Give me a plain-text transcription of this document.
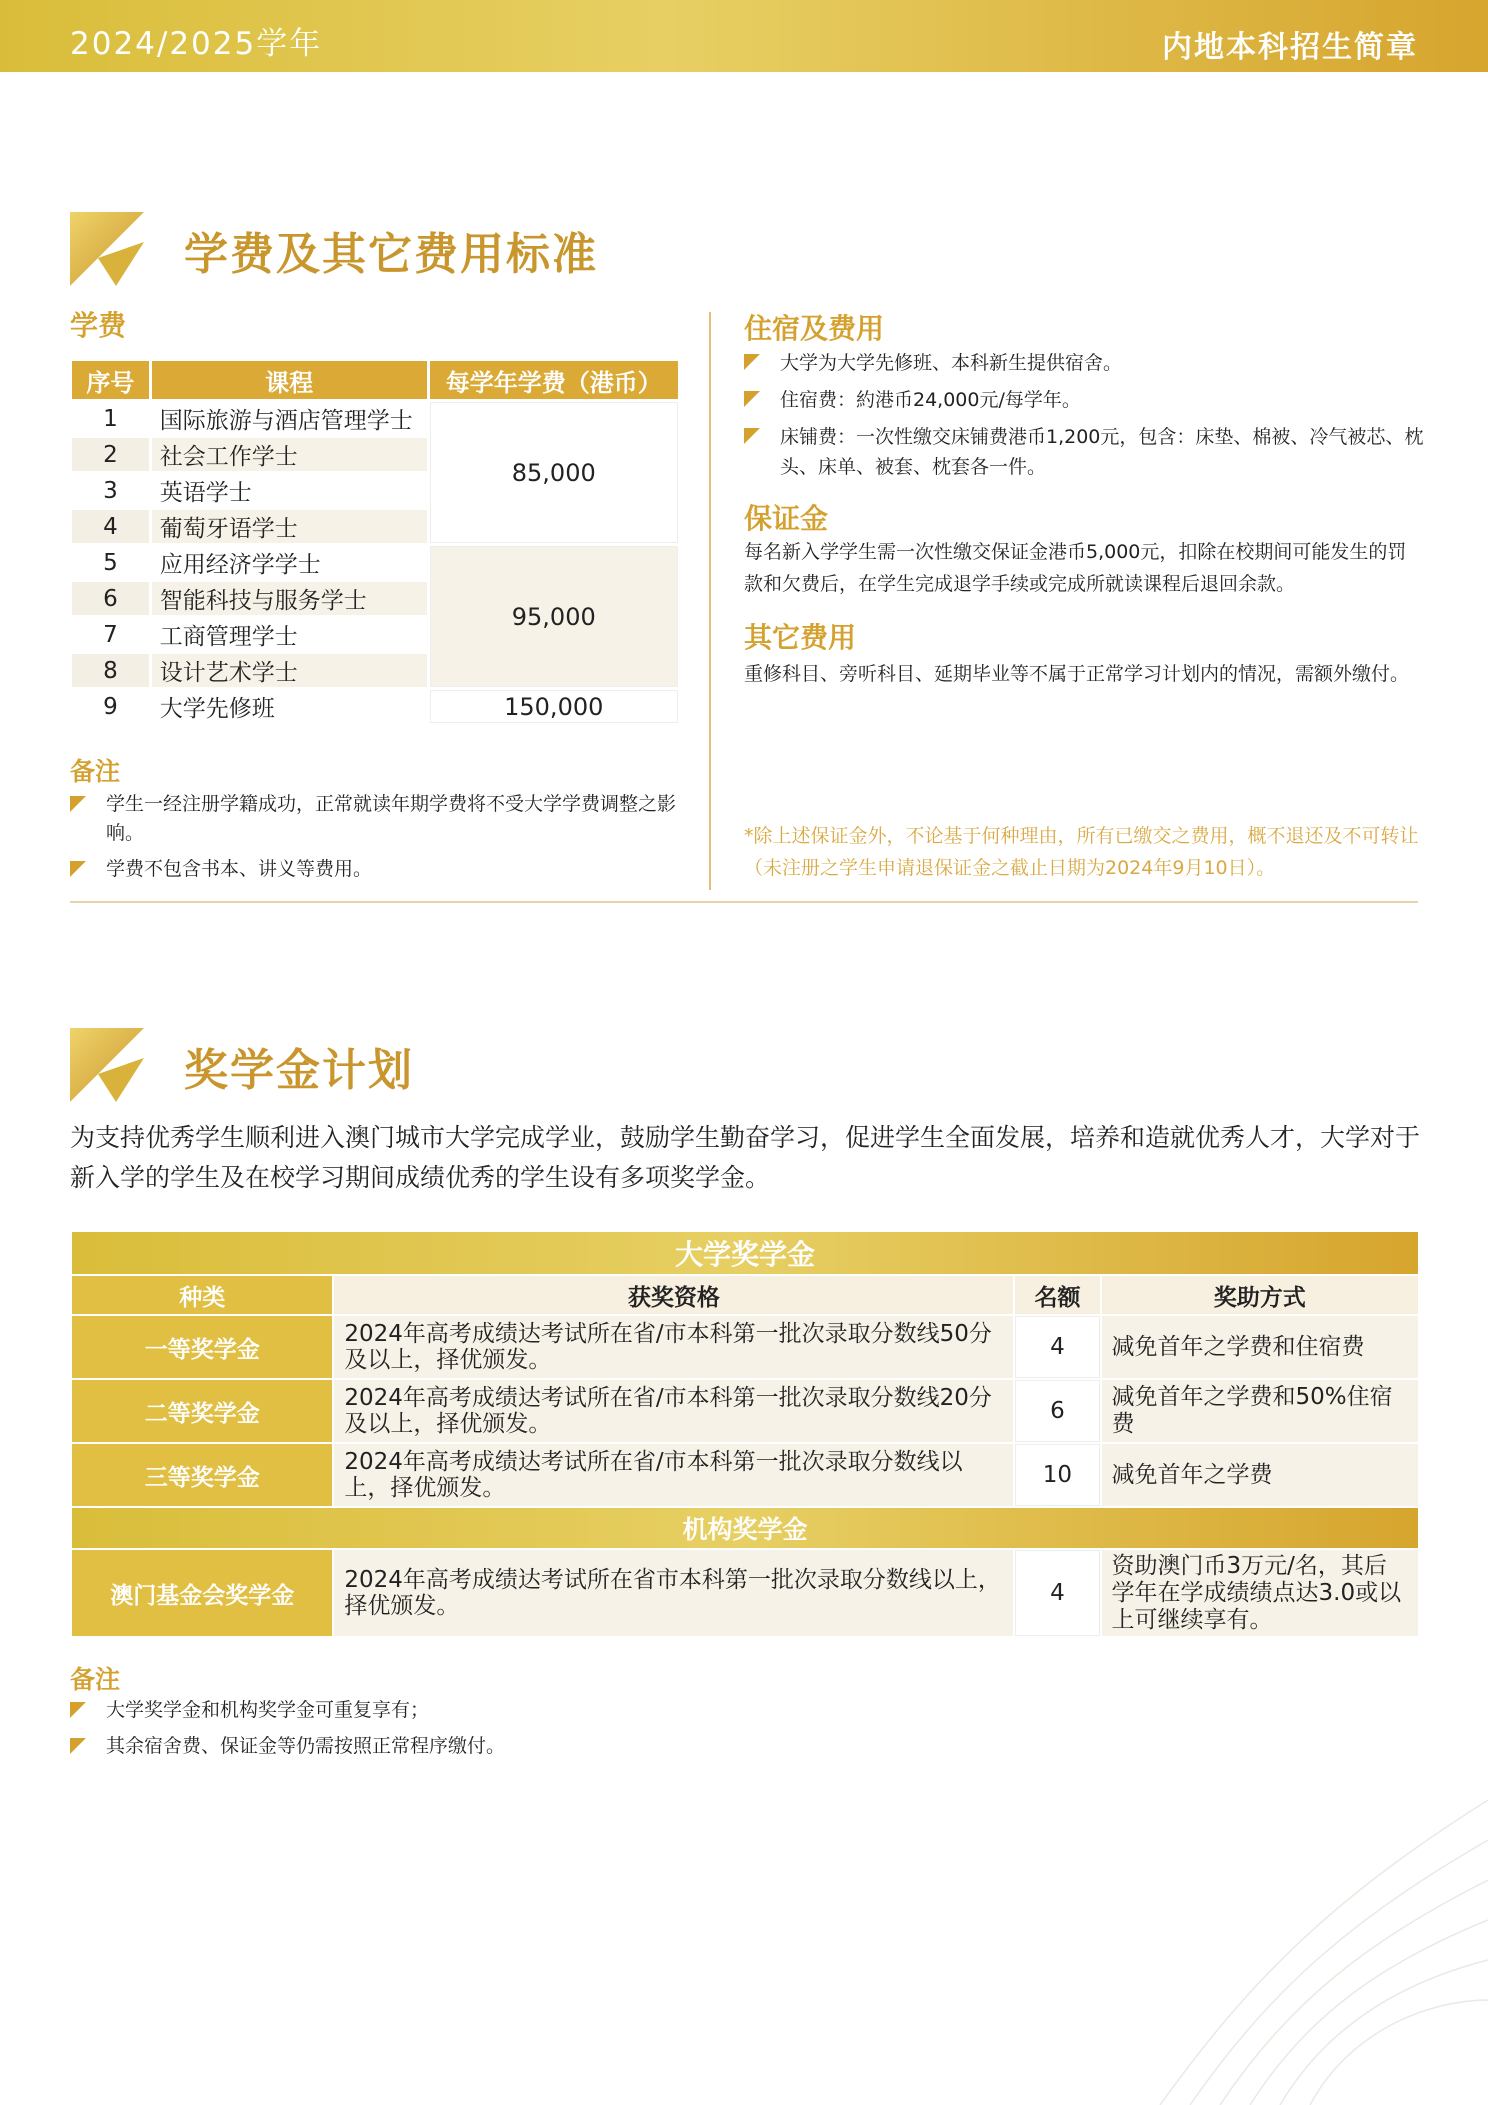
2024/2025学年	内地本科招生简章
学费及其它费用标准
学费
序号	课程	每学年学费（港币）
1	国际旅游与酒店管理学士	85,000
2	社会工作学士	
3	英语学士	
4	葡萄牙语学士	
5	应用经济学学士	95,000
6	智能科技与服务学士	
7	工商管理学士	
8	设计艺术学士	
9	大学先修班	150,000
备注
学生一经注册学籍成功，正常就读年期学费将不受大学学费调整之影响。
学费不包含书本、讲义等费用。
住宿及费用
大学为大学先修班、本科新生提供宿舍。
住宿费：約港币24,000元/每学年。
床铺费：一次性缴交床铺费港币1,200元，包含：床垫、棉被、冷气被芯、枕头、床单、被套、枕套各一件。
保证金
每名新入学学生需一次性缴交保证金港币5,000元，扣除在校期间可能发生的罚款和欠费后，在学生完成退学手续或完成所就读课程后退回余款。
其它费用
重修科目、旁听科目、延期毕业等不属于正常学习计划内的情况，需额外缴付。
*除上述保证金外，不论基于何种理由，所有已缴交之费用，概不退还及不可转让（未注册之学生申请退保证金之截止日期为2024年9月10日）。
奖学金计划
为支持优秀学生顺利进入澳门城市大学完成学业，鼓励学生勤奋学习，促进学生全面发展，培养和造就优秀人才，大学对于新入学的学生及在校学习期间成绩优秀的学生设有多项奖学金。
大学奖学金			
种类	获奖资格	名额	奖助方式
一等奖学金	2024年高考成绩达考试所在省/市本科第一批次录取分数线50分及以上，择优颁发。	4	减免首年之学费和住宿费
二等奖学金	2024年高考成绩达考试所在省/市本科第一批次录取分数线20分及以上，择优颁发。	6	减免首年之学费和50%住宿费
三等奖学金	2024年高考成绩达考试所在省/市本科第一批次录取分数线以上，择优颁发。	10	减免首年之学费
机构奖学金			
澳门基金会奖学金	2024年高考成绩达考试所在省市本科第一批次录取分数线以上，择优颁发。	4	资助澳门币3万元/名，其后学年在学成绩绩点达3.0或以上可继续享有。
备注
大学奖学金和机构奖学金可重复享有；
其余宿舍费、保证金等仍需按照正常程序缴付。
